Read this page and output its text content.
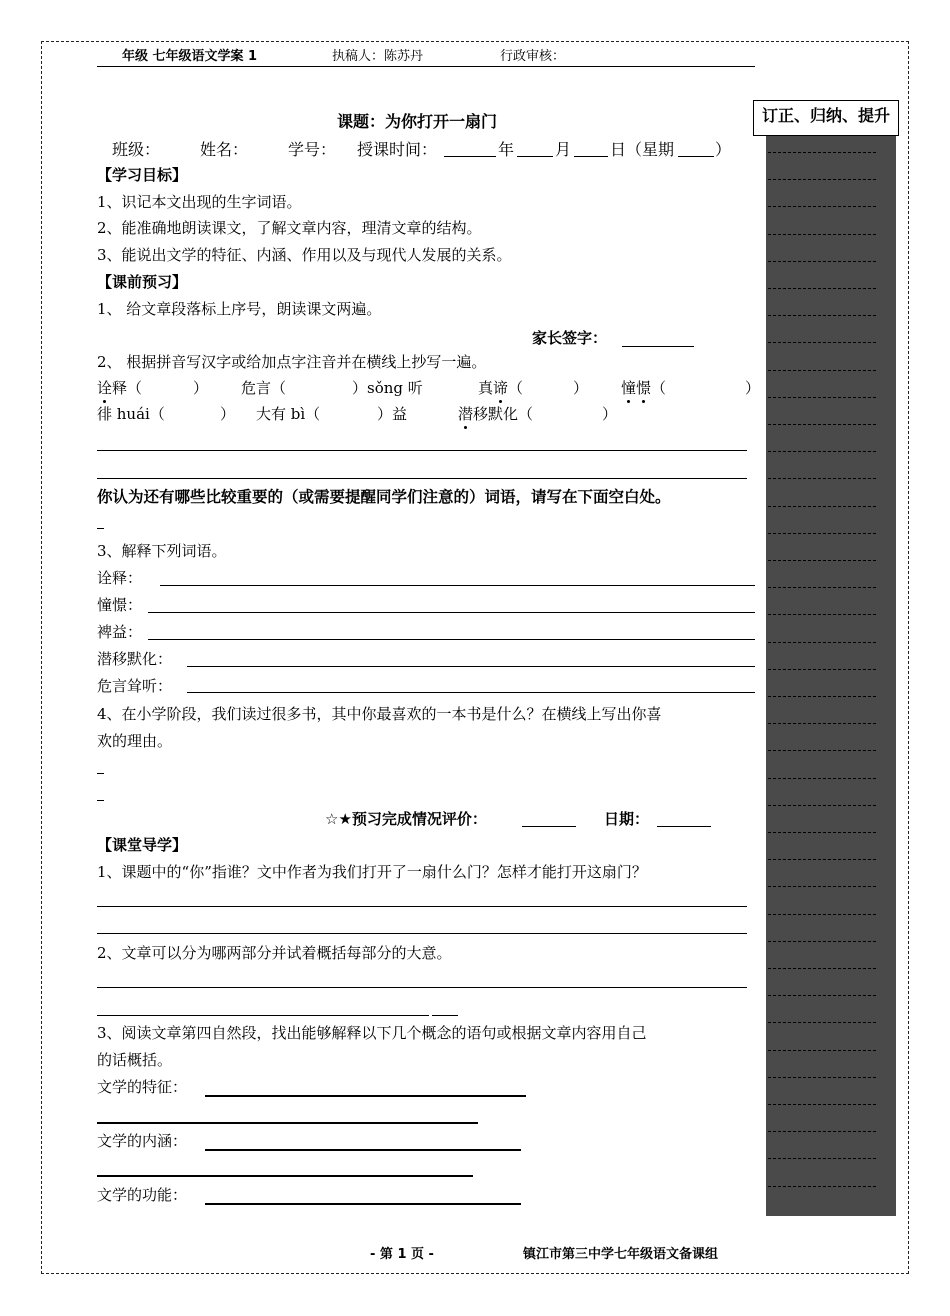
年级 七年级语文学案 1	执稿人：陈苏丹	行政审核：
订正、归纳、提升
课题：为你打开一扇门
班级： 姓名： 学号： 授课时间：	年	月 日（星期	）
【学习目标】
1、识记本文出现的生字词语。
2、能准确地朗读课文，了解文章内容，理清文章的结构。
3、能说出文学的特征、内涵、作用以及与现代人发展的关系。
【课前预习】
1、 给文章段落标上序号，朗读课文两遍。
家长签字：
2、 根据拼音写汉字或给加点字注音并在横线上抄写一遍。
诠释（	） 危言（	）sǒng 听	真谛（	） 憧憬（	）
徘 huái（	） 大有 bì（	）益	潜移默化（	）
你认为还有哪些比较重要的（或需要提醒同学们注意的）词语，请写在下面空白处。
3、解释下列词语。
诠释：
憧憬：
裨益：
潜移默化：
危言耸听：
4、在小学阶段，我们读过很多书，其中你最喜欢的一本书是什么？在横线上写出你喜
欢的理由。
☆★预习完成情况评价：	日期：
【课堂导学】
1、课题中的“你”指谁？文中作者为我们打开了一扇什么门？怎样才能打开这扇门？
2、文章可以分为哪两部分并试着概括每部分的大意。
3、阅读文章第四自然段，找出能够解释以下几个概念的语句或根据文章内容用自己
的话概括。
文学的特征：
文学的内涵：
文学的功能：
- 第 1 页 -	镇江市第三中学七年级语文备课组
